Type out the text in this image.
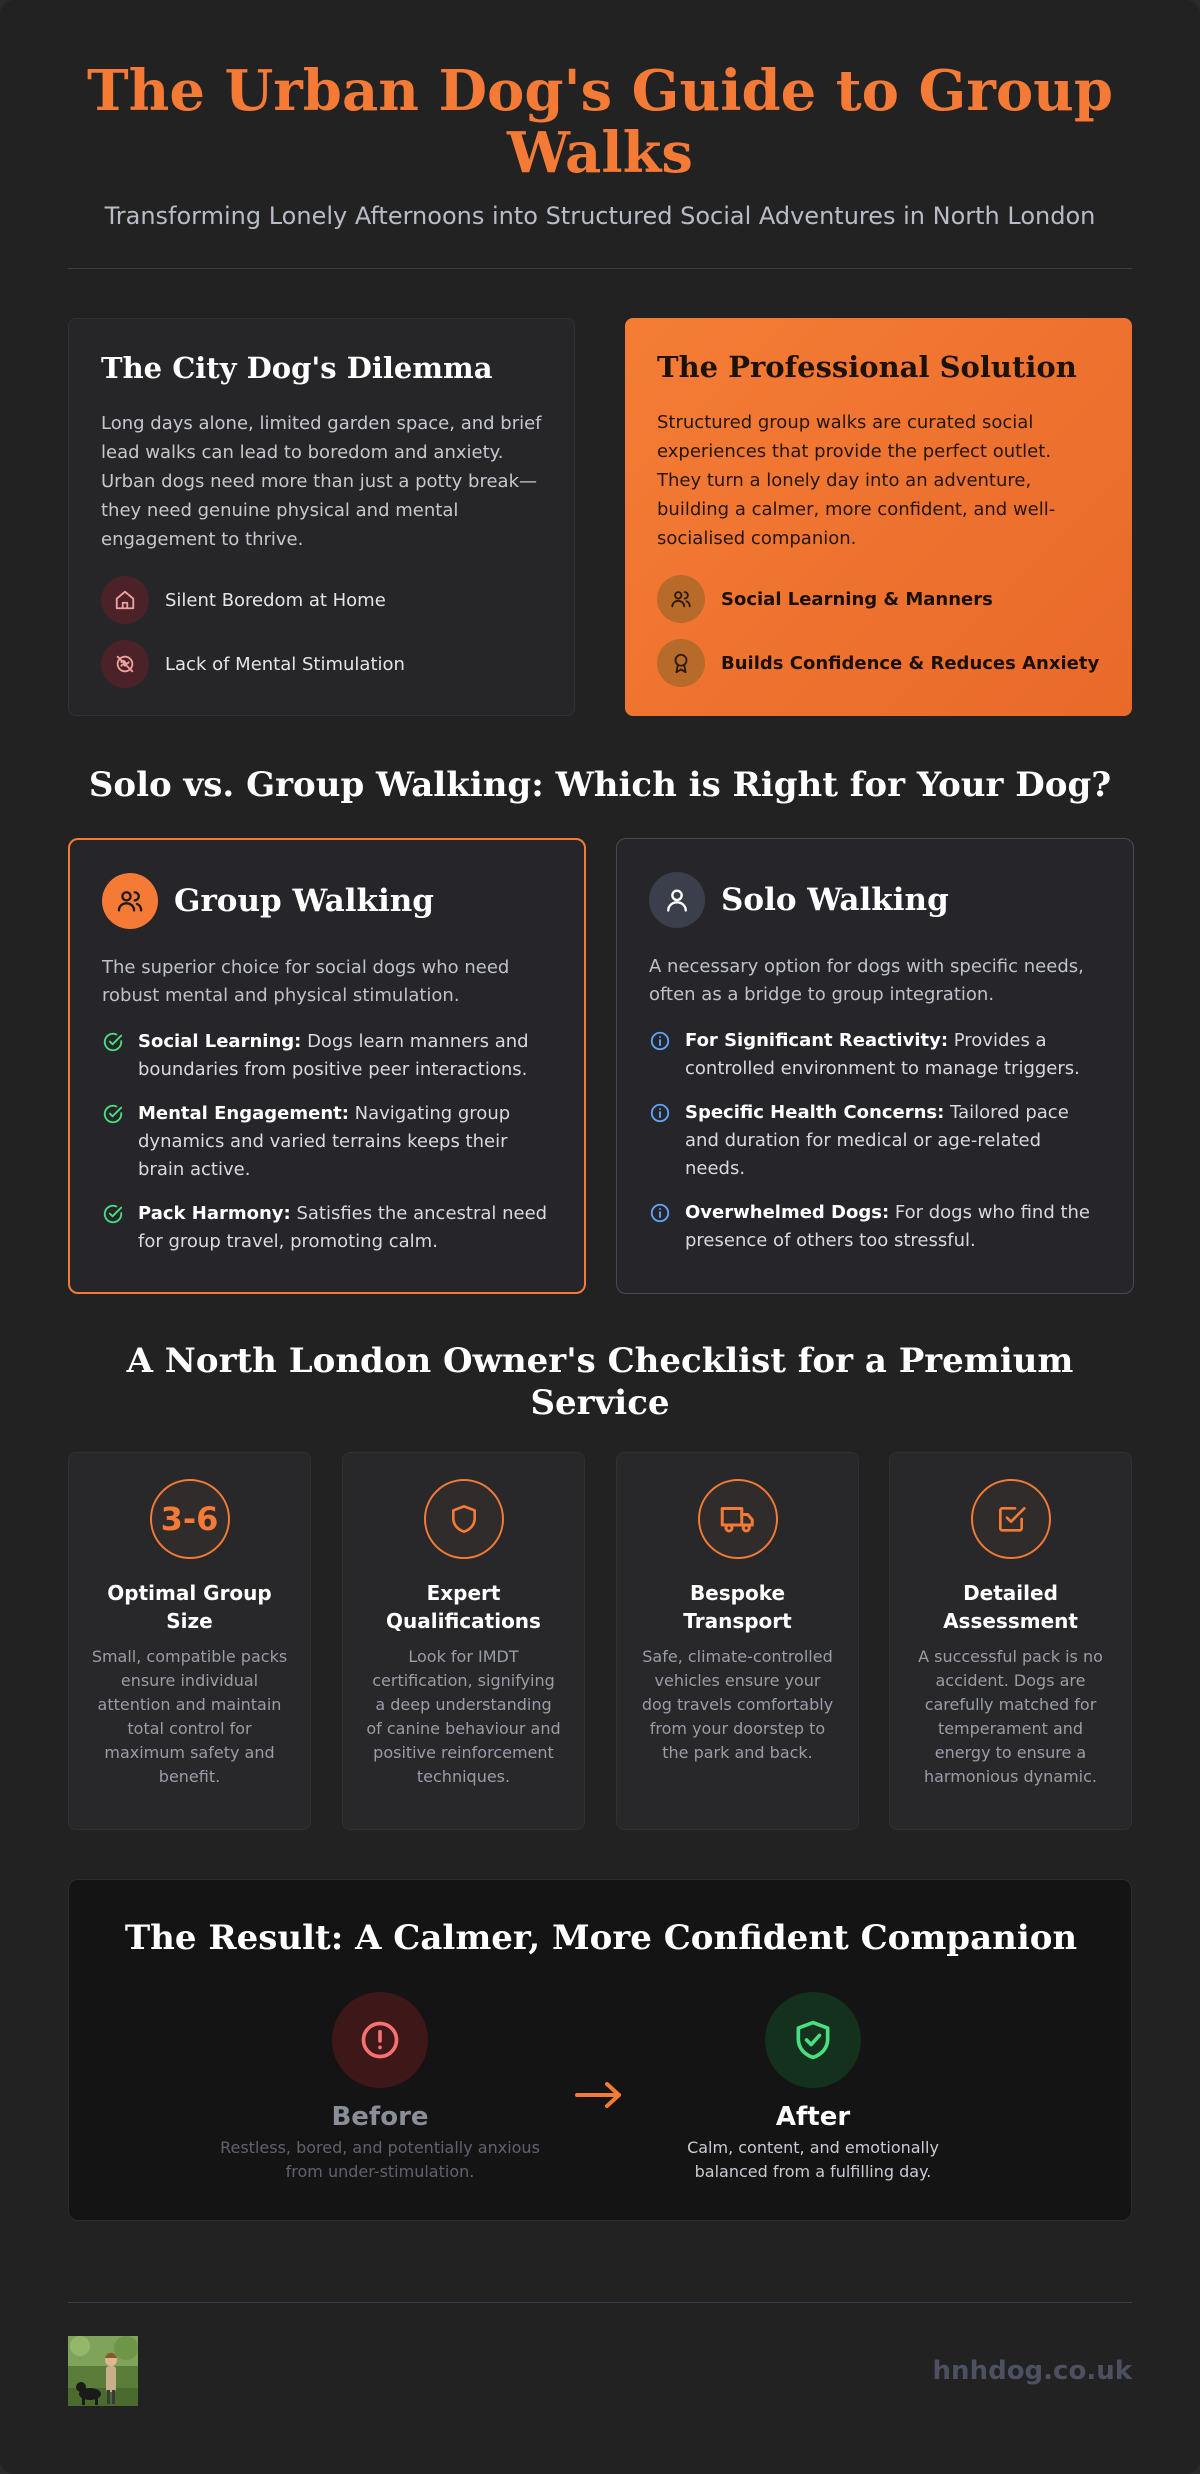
The Urban Dog's Guide to Group Walks

Transforming Lonely Afternoons into Structured Social Adventures in North London

The City Dog's Dilemma

Long days alone, limited garden space, and brief lead walks can lead to boredom and anxiety. Urban dogs need more than just a potty break—they need genuine physical and mental engagement to thrive.

Silent Boredom at Home
Lack of Mental Stimulation
The Professional Solution

Structured group walks are curated social experiences that provide the perfect outlet. They turn a lonely day into an adventure, building a calmer, more confident, and well-socialised companion.

Social Learning & Manners
Builds Confidence & Reduces Anxiety
Solo vs. Group Walking: Which is Right for Your Dog?
Group Walking

The superior choice for social dogs who need robust mental and physical stimulation.

Social Learning: Dogs learn manners and boundaries from positive peer interactions.
Mental Engagement: Navigating group dynamics and varied terrains keeps their brain active.
Pack Harmony: Satisfies the ancestral need for group travel, promoting calm.
Solo Walking

A necessary option for dogs with specific needs, often as a bridge to group integration.

For Significant Reactivity: Provides a controlled environment to manage triggers.
Specific Health Concerns: Tailored pace and duration for medical or age-related needs.
Overwhelmed Dogs: For dogs who find the presence of others too stressful.
A North London Owner's Checklist for a Premium Service
3-6
Optimal Group Size
Small, compatible packs ensure individual attention and maintain total control for maximum safety and benefit.
Expert Qualifications
Look for IMDT certification, signifying a deep understanding of canine behaviour and positive reinforcement techniques.
Bespoke Transport
Safe, climate-controlled vehicles ensure your dog travels comfortably from your doorstep to the park and back.
Detailed Assessment
A successful pack is no accident. Dogs are carefully matched for temperament and energy to ensure a harmonious dynamic.
The Result: A Calmer, More Confident Companion
Before
Restless, bored, and potentially anxious from under-stimulation.
After
Calm, content, and emotionally balanced from a fulfilling day.
hnhdog.co.uk
